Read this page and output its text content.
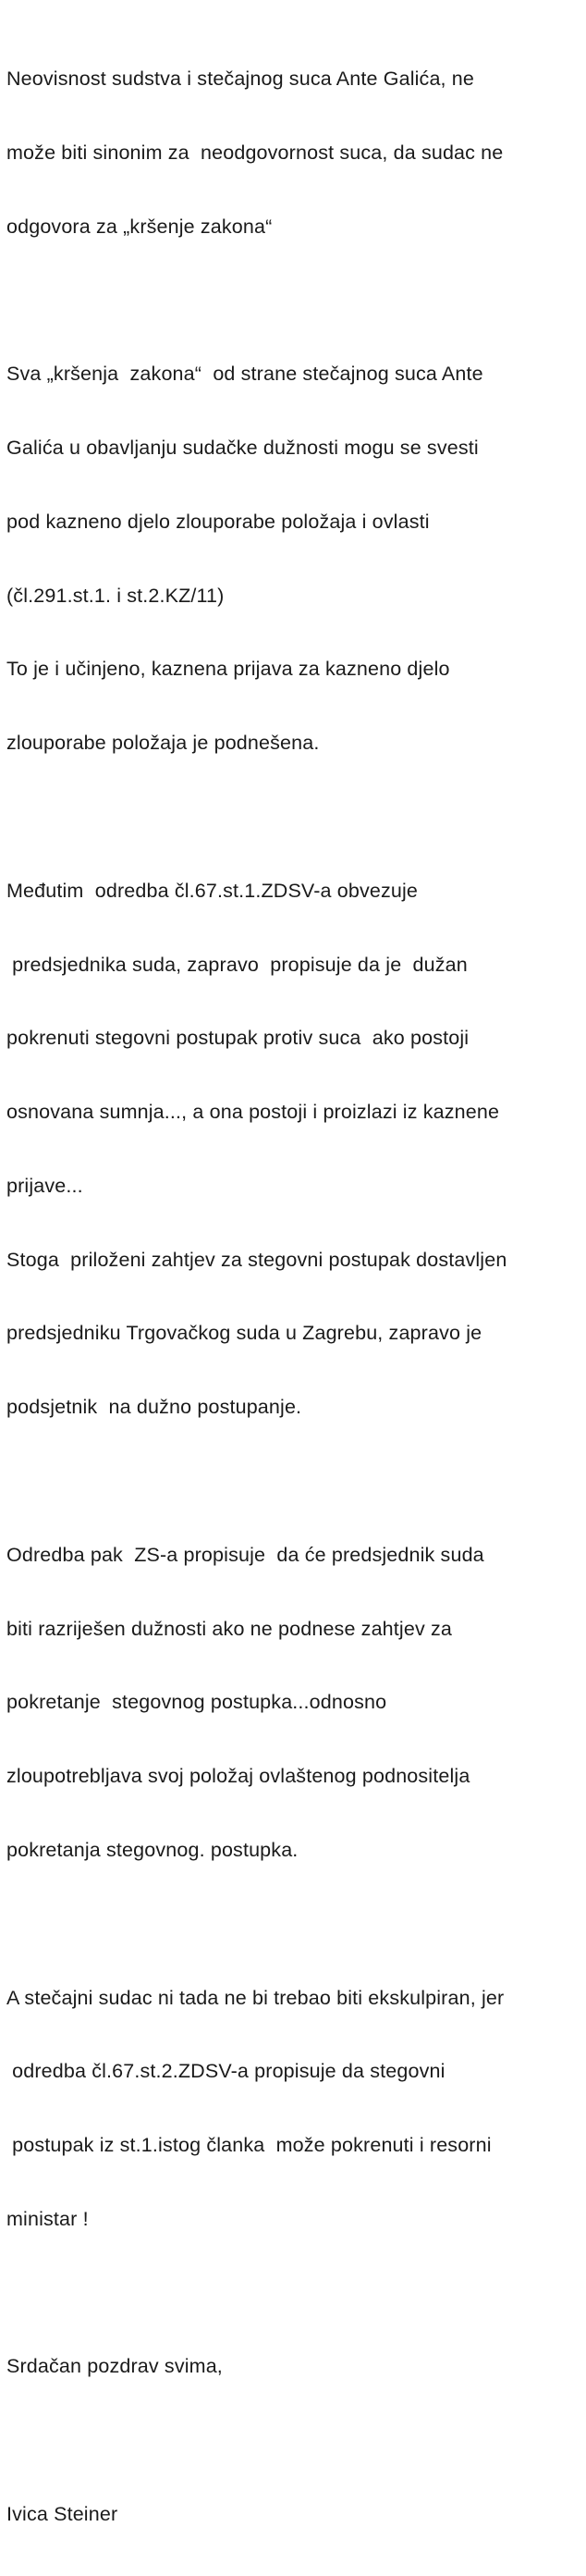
Neovisnost sudstva i stečajnog suca Ante Galića, ne

može biti sinonim za  neodgovornost suca, da sudac ne

odgovora za „kršenje zakona“

Sva „kršenja  zakona“  od strane stečajnog suca Ante

Galića u obavljanju sudačke dužnosti mogu se svesti

pod kazneno djelo zlouporabe položaja i ovlasti

(čl.291.st.1. i st.2.KZ/11)

To je i učinjeno, kaznena prijava za kazneno djelo

zlouporabe položaja je podnešena.

Međutim  odredba čl.67.st.1.ZDSV-a obvezuje

predsjednika suda, zapravo  propisuje da je  dužan

pokrenuti stegovni postupak protiv suca  ako postoji

osnovana sumnja..., a ona postoji i proizlazi iz kaznene

prijave...

Stoga  priloženi zahtjev za stegovni postupak dostavljen

predsjedniku Trgovačkog suda u Zagrebu, zapravo je

podsjetnik  na dužno postupanje.

Odredba pak  ZS-a propisuje  da će predsjednik suda

biti razriješen dužnosti ako ne podnese zahtjev za

pokretanje  stegovnog postupka...odnosno

zloupotrebljava svoj položaj ovlaštenog podnositelja

pokretanja stegovnog. postupka.

A stečajni sudac ni tada ne bi trebao biti ekskulpiran, jer

odredba čl.67.st.2.ZDSV-a propisuje da stegovni

postupak iz st.1.istog članka  može pokrenuti i resorni

ministar !

Srdačan pozdrav svima,

Ivica Steiner
